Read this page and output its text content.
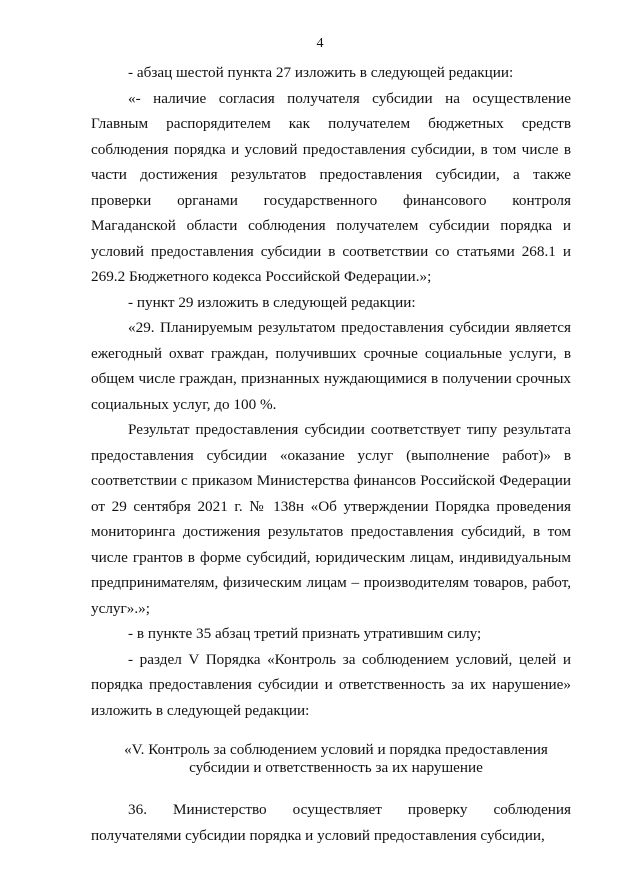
4

- абзац шестой пункта 27 изложить в следующей редакции:

«- наличие согласия получателя субсидии на осуществление Главным распорядителем как получателем бюджетных средств соблюдения порядка и условий предоставления субсидии, в том числе в части достижения результатов предоставления субсидии, а также проверки органами государственного финансового контроля Магаданской области соблюдения получателем субсидии порядка и условий предоставления субсидии в соответствии со статьями 268.1 и 269.2 Бюджетного кодекса Российской Федерации.»;

- пункт 29 изложить в следующей редакции:

«29. Планируемым результатом предоставления субсидии является ежегодный охват граждан, получивших срочные социальные услуги, в общем числе граждан, признанных нуждающимися в получении срочных социальных услуг, до 100 %.

Результат предоставления субсидии соответствует типу результата предоставления субсидии «оказание услуг (выполнение работ)» в соответствии с приказом Министерства финансов Российской Федерации от 29 сентября 2021 г. № 138н «Об утверждении Порядка проведения мониторинга достижения результатов предоставления субсидий, в том числе грантов в форме субсидий, юридическим лицам, индивидуальным предпринимателям, физическим лицам – производителям товаров, работ, услуг».»;

- в пункте 35 абзац третий признать утратившим силу;

- раздел V Порядка «Контроль за соблюдением условий, целей и порядка предоставления субсидии и ответственность за их нарушение» изложить в следующей редакции:

«V. Контроль за соблюдением условий и порядка предоставления
субсидии и ответственность за их нарушение

36. Министерство осуществляет проверку соблюдения получателями субсидии порядка и условий предоставления субсидии,
